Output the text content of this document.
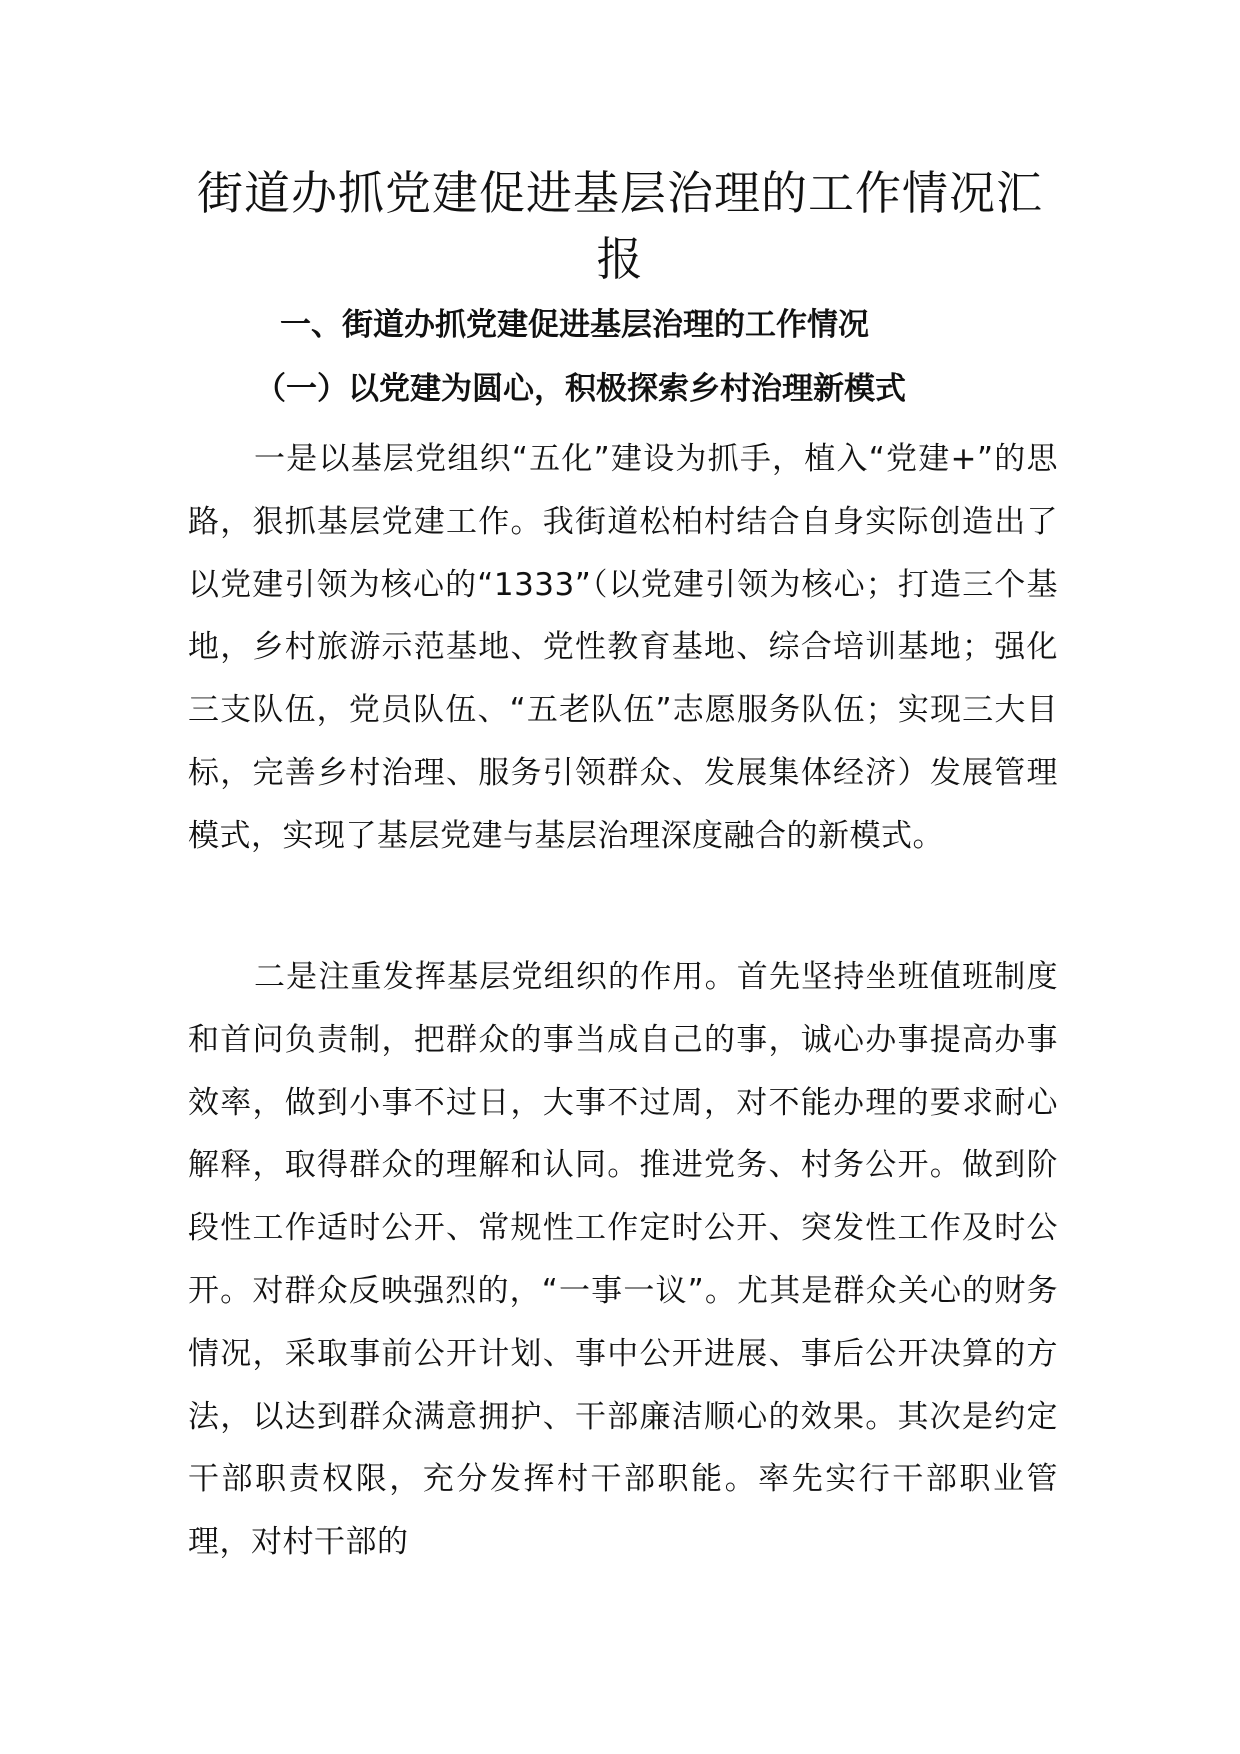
街道办抓党建促进基层治理的工作情况汇报
一、街道办抓党建促进基层治理的工作情况
（一）以党建为圆心，积极探索乡村治理新模式

一是以基层党组织“五化”建设为抓手，植入“党建+”的思路，狠抓基层党建工作。我街道松柏村结合自身实际创造出了以党建引领为核心的“1333”（以党建引领为核心；打造三个基地，乡村旅游示范基地、党性教育基地、综合培训基地；强化三支队伍，党员队伍、“五老队伍”志愿服务队伍；实现三大目标，完善乡村治理、服务引领群众、发展集体经济）发展管理模式，实现了基层党建与基层治理深度融合的新模式。

二是注重发挥基层党组织的作用。首先坚持坐班值班制度和首问负责制，把群众的事当成自己的事，诚心办事提高办事效率，做到小事不过日，大事不过周，对不能办理的要求耐心解释，取得群众的理解和认同。推进党务、村务公开。做到阶段性工作适时公开、常规性工作定时公开、突发性工作及时公开。对群众反映强烈的，“一事一议”。尤其是群众关心的财务情况，采取事前公开计划、事中公开进展、事后公开决算的方法，以达到群众满意拥护、干部廉洁顺心的效果。其次是约定干部职责权限，充分发挥村干部职能。率先实行干部职业管理，对村干部的
